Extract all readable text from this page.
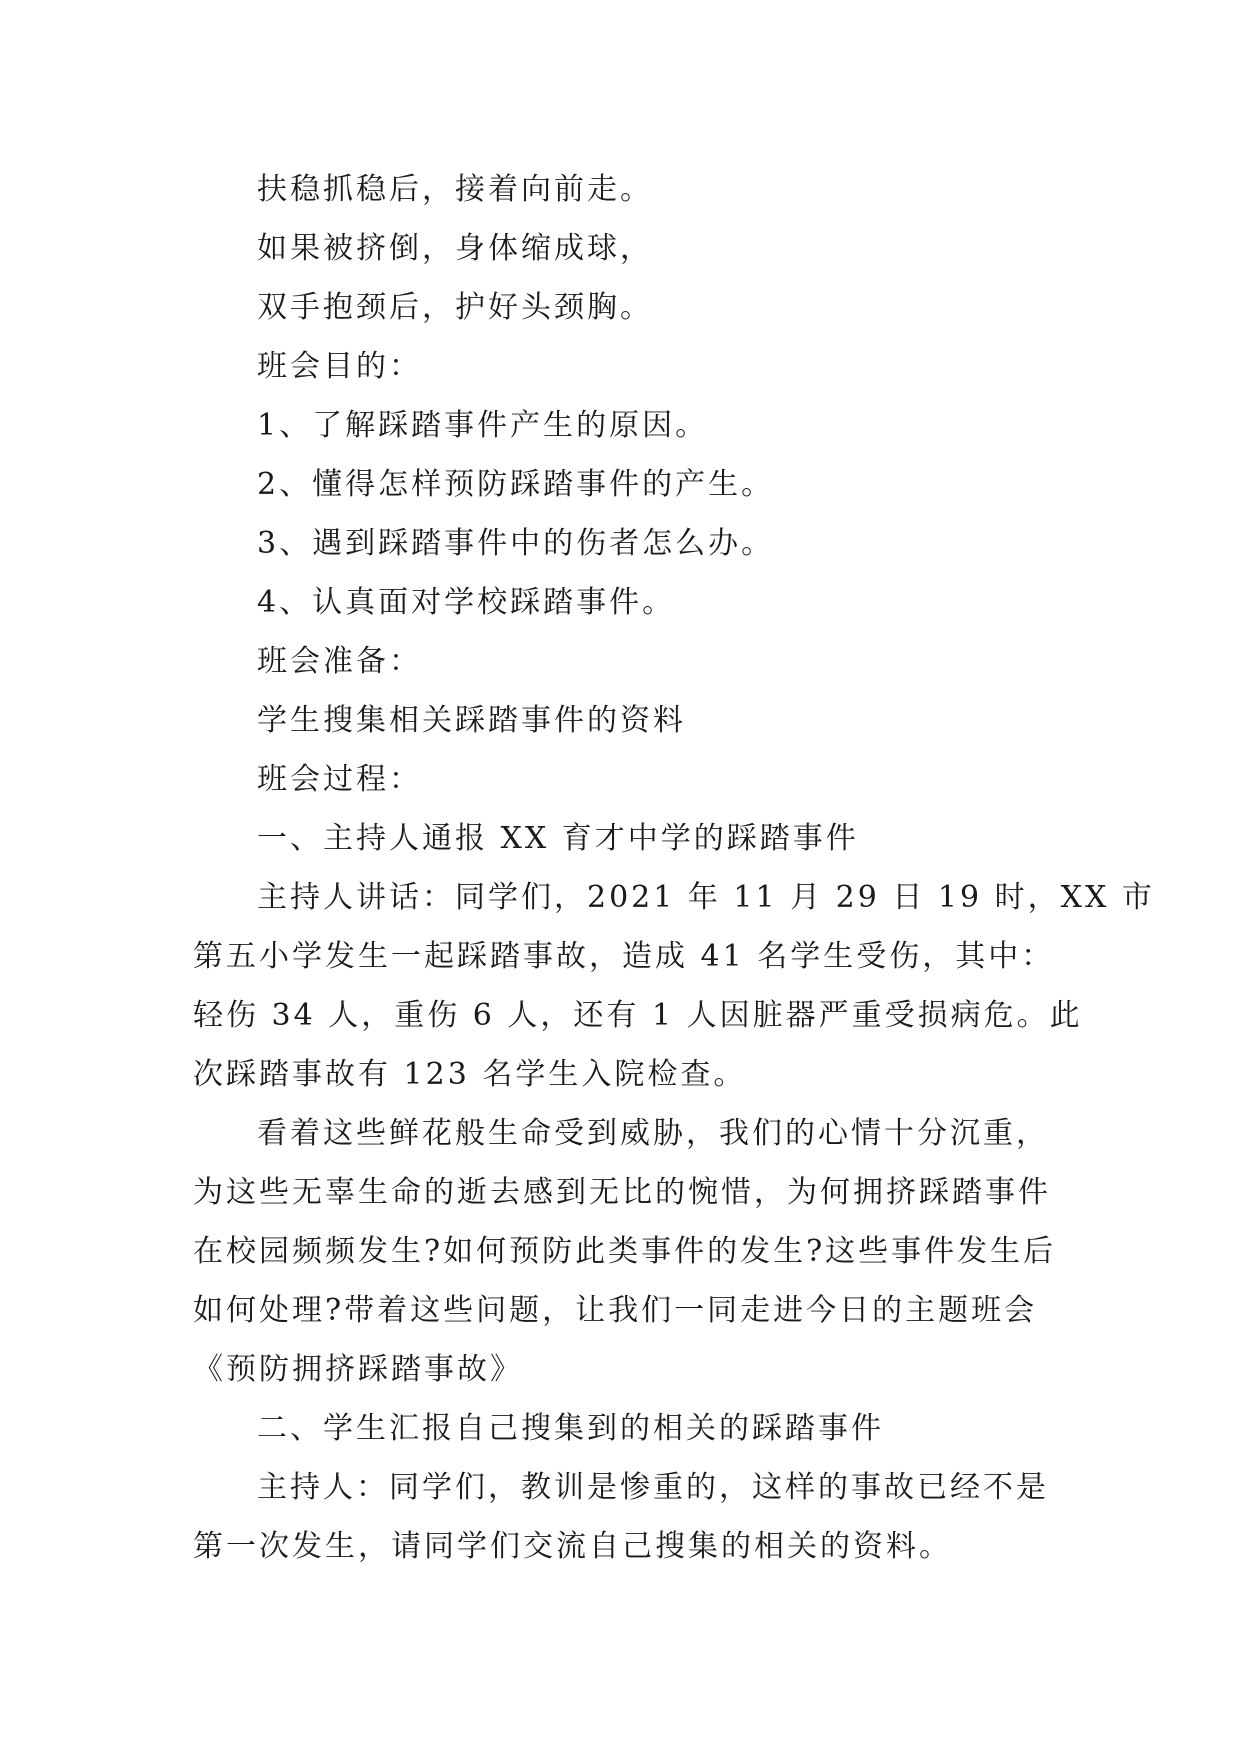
扶稳抓稳后，接着向前走。

如果被挤倒，身体缩成球，

双手抱颈后，护好头颈胸。

班会目的：

1、了解踩踏事件产生的原因。

2、懂得怎样预防踩踏事件的产生。

3、遇到踩踏事件中的伤者怎么办。

4、认真面对学校踩踏事件。

班会准备：

学生搜集相关踩踏事件的资料

班会过程：

一、主持人通报 XX 育才中学的踩踏事件

主持人讲话：同学们，2021 年 11 月 29 日 19 时，XX 市

第五小学发生一起踩踏事故，造成 41 名学生受伤，其中：

轻伤 34 人，重伤 6 人，还有 1 人因脏器严重受损病危。此

次踩踏事故有 123 名学生入院检查。

看着这些鲜花般生命受到威胁，我们的心情十分沉重，

为这些无辜生命的逝去感到无比的惋惜，为何拥挤踩踏事件

在校园频频发生?如何预防此类事件的发生?这些事件发生后

如何处理?带着这些问题，让我们一同走进今日的主题班会

《预防拥挤踩踏事故》

二、学生汇报自己搜集到的相关的踩踏事件

主持人：同学们，教训是惨重的，这样的事故已经不是

第一次发生，请同学们交流自己搜集的相关的资料。
